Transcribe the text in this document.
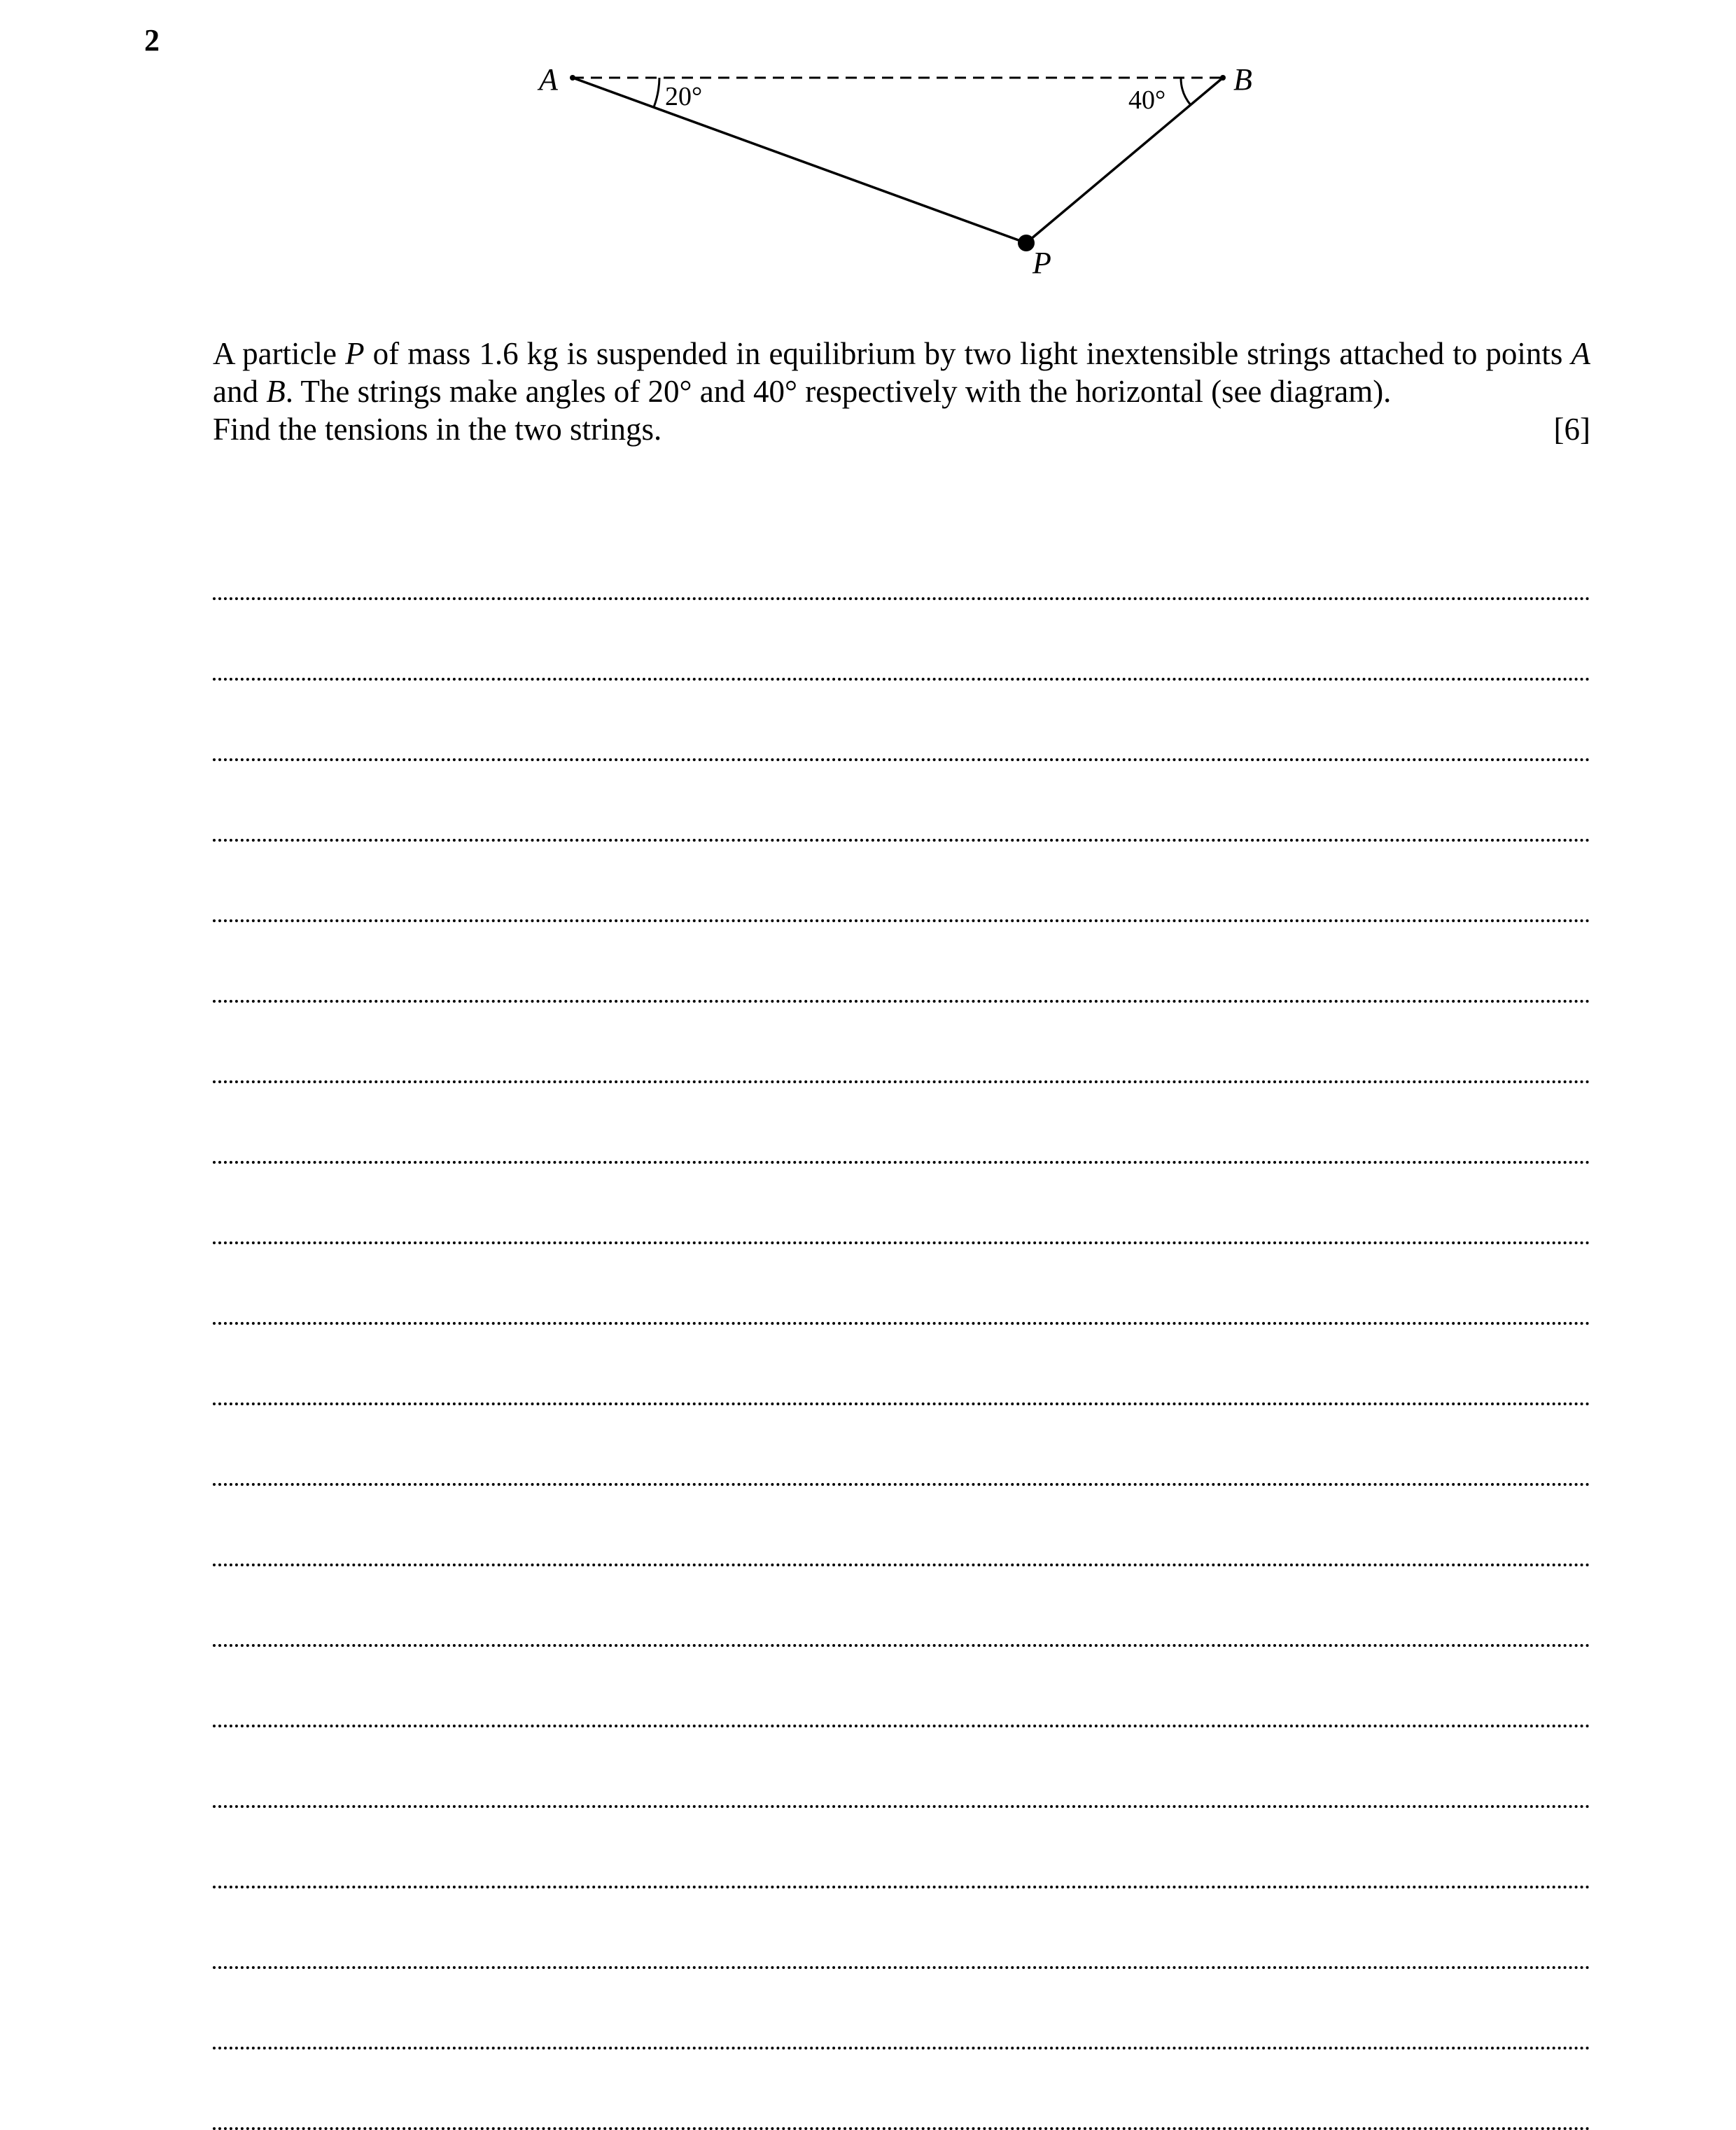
2
A	B
P
20°	40°

A particle P of mass 1.6 kg is suspended in equilibrium by two light inextensible strings attached to points A and B. The strings make angles of 20° and 40° respectively with the horizontal (see diagram).

Find the tensions in the two strings.	[6]
